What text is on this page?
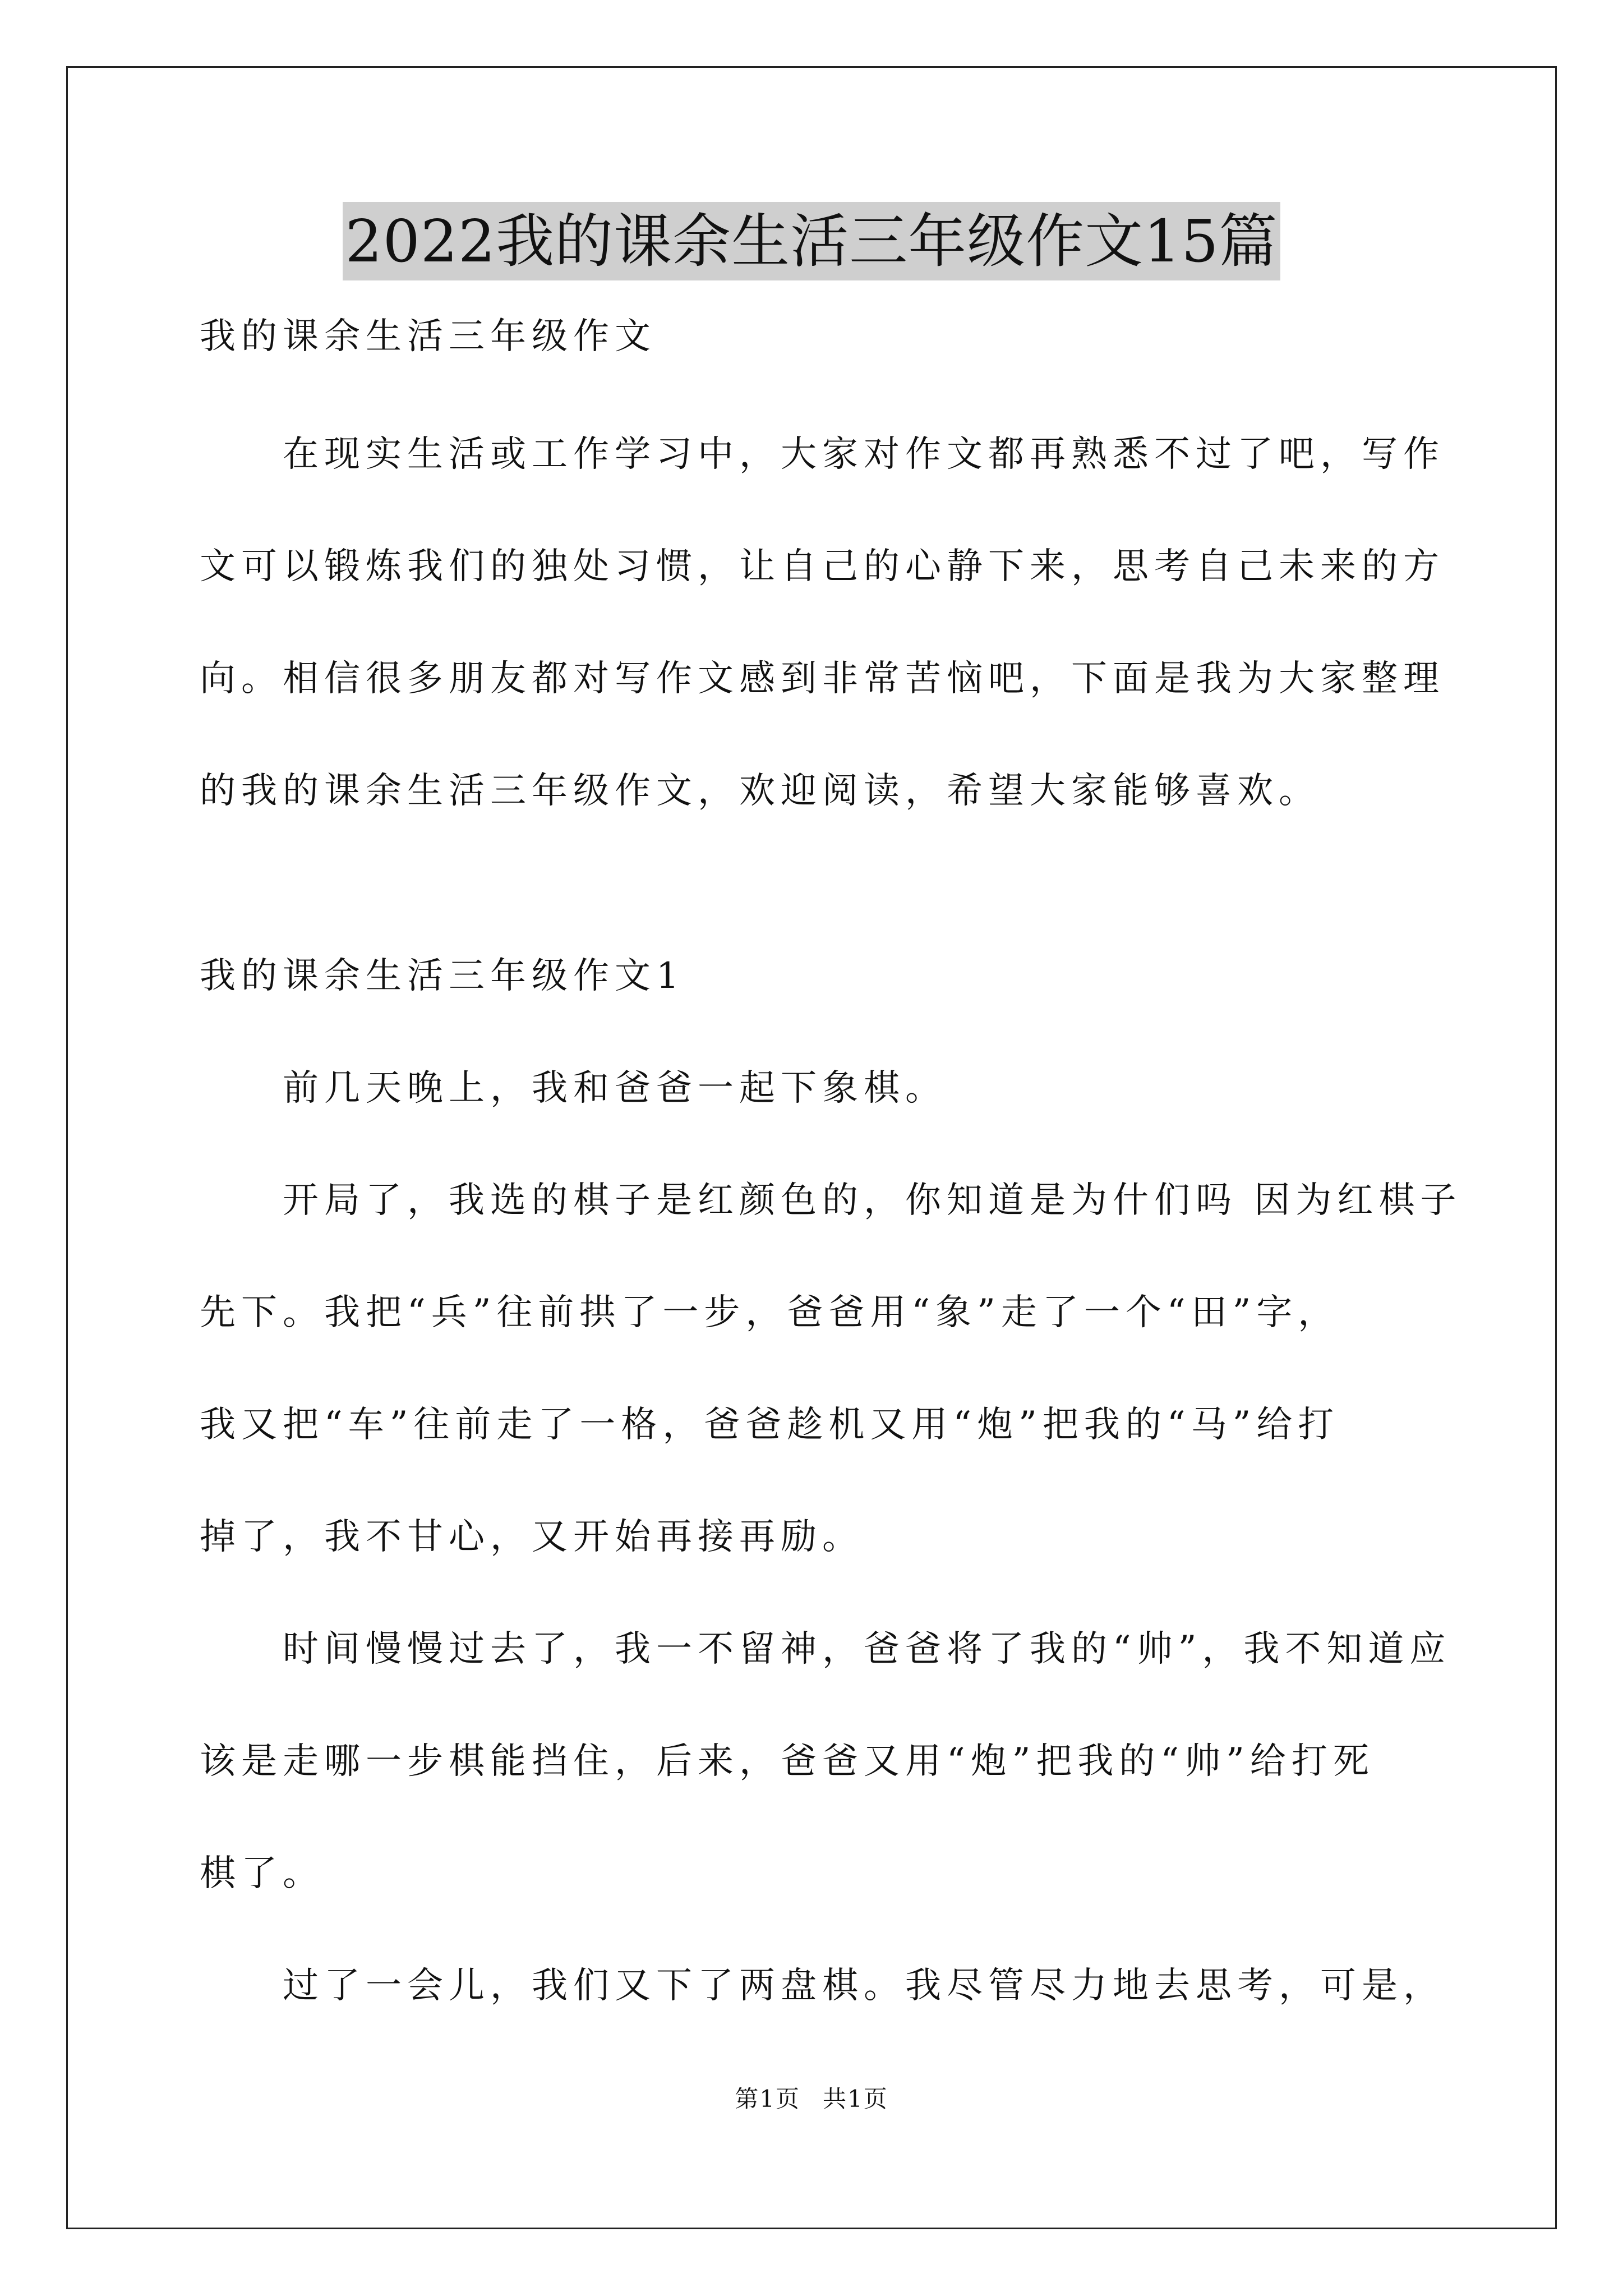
2022我的课余生活三年级作文15篇
我的课余生活三年级作文
在现实生活或工作学习中，大家对作文都再熟悉不过了吧，写作
文可以锻炼我们的独处习惯，让自己的心静下来，思考自己未来的方
向。相信很多朋友都对写作文感到非常苦恼吧，下面是我为大家整理
的我的课余生活三年级作文，欢迎阅读，希望大家能够喜欢。
我的课余生活三年级作文1
前几天晚上，我和爸爸一起下象棋。
开局了，我选的棋子是红颜色的，你知道是为什们吗 因为红棋子
先下。我把“兵”往前拱了一步，爸爸用“象”走了一个“田”字，
我又把“车”往前走了一格，爸爸趁机又用“炮”把我的“马”给打
掉了，我不甘心，又开始再接再励。
时间慢慢过去了，我一不留神，爸爸将了我的“帅”，我不知道应
该是走哪一步棋能挡住，后来，爸爸又用“炮”把我的“帅”给打死
棋了。
过了一会儿，我们又下了两盘棋。我尽管尽力地去思考，可是，
第1页 共1页
